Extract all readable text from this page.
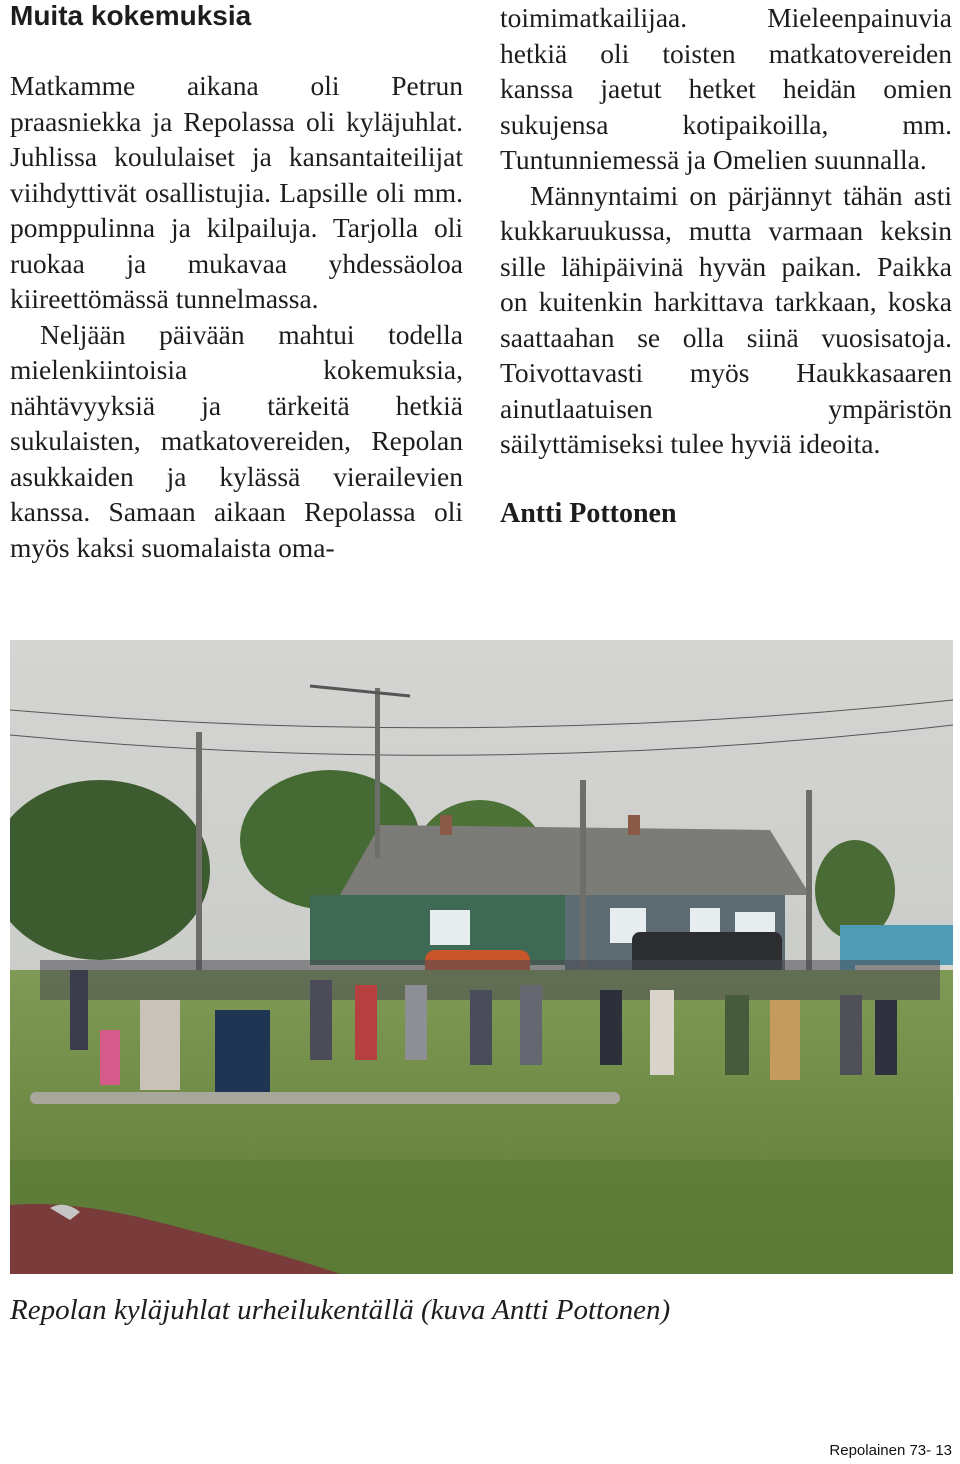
Muita kokemuksia

Matkamme aikana oli Petrun praasniekka ja Repolassa oli kyläjuhlat. Juhlissa koululaiset ja kansantaiteilijat viihdyttivät osallistujia. Lapsille oli mm. pomppulinna ja kilpailuja. Tarjolla oli ruokaa ja mukavaa yhdessäoloa kiireettömässä tunnelmassa.

Neljään päivään mahtui todella mielenkiintoisia kokemuksia, nähtävyyksiä ja tärkeitä hetkiä sukulaisten, matkatovereiden, Repolan asukkaiden ja kylässä vierailevien kanssa. Samaan aikaan Repolassa oli myös kaksi suomalaista oma-

toimimatkailijaa. Mieleenpainuvia hetkiä oli toisten matkatovereiden kanssa jaetut hetket heidän omien sukujensa kotipaikoilla, mm. Tuntunniemessä ja Omelien suunnalla.

Männyntaimi on pärjännyt tähän asti kukkaruukussa, mutta varmaan keksin sille lähipäivinä hyvän paikan. Paikka on kuitenkin harkittava tarkkaan, koska saattaahan se olla siinä vuosisatoja. Toivottavasti myös Haukkasaaren ainutlaatuisen ympäristön säilyttämiseksi tulee hyviä ideoita.

Antti Pottonen
Repolan kyläjuhlat urheilukentällä (kuva Antti Pottonen)
Repolainen 73- 13
